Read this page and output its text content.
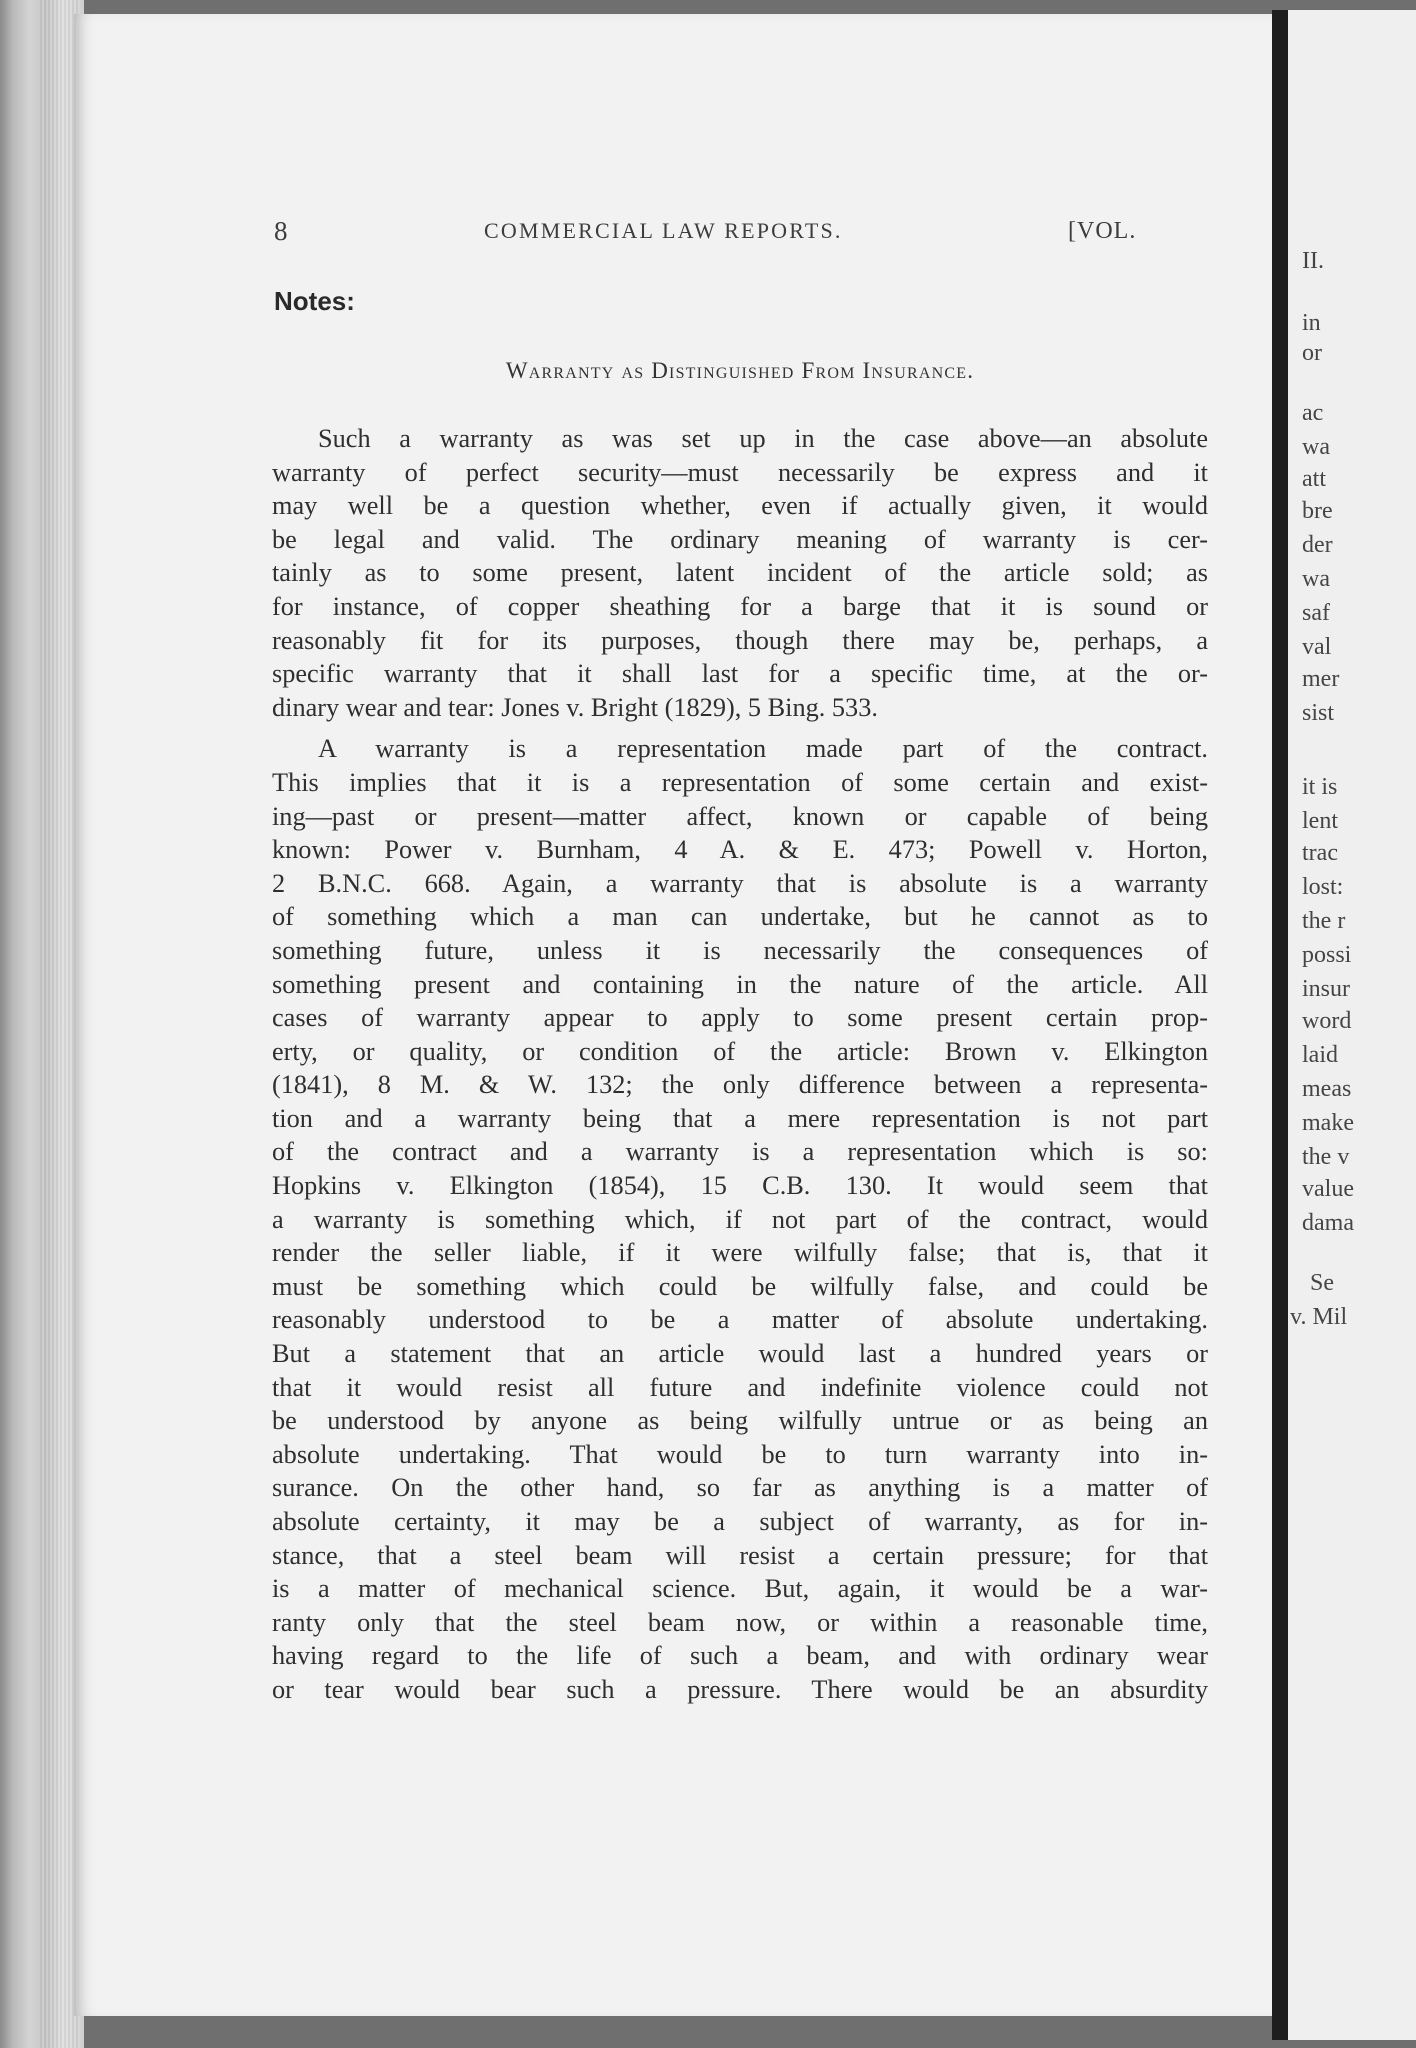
8	COMMERCIAL LAW REPORTS.	[VOL.
Notes:
Warranty as Distinguished From Insurance.
Such a warranty as was set up in the case above—an absolute
warranty of perfect security—must necessarily be express and it
may well be a question whether, even if actually given, it would
be legal and valid. The ordinary meaning of warranty is cer-
tainly as to some present, latent incident of the article sold; as
for instance, of copper sheathing for a barge that it is sound or
reasonably fit for its purposes, though there may be, perhaps, a
specific warranty that it shall last for a specific time, at the or-
dinary wear and tear: Jones v. Bright (1829), 5 Bing. 533.
A warranty is a representation made part of the contract.
This implies that it is a representation of some certain and exist-
ing—past or present—matter affect, known or capable of being
known: Power v. Burnham, 4 A. & E. 473; Powell v. Horton,
2 B.N.C. 668. Again, a warranty that is absolute is a warranty
of something which a man can undertake, but he cannot as to
something future, unless it is necessarily the consequences of
something present and containing in the nature of the article. All
cases of warranty appear to apply to some present certain prop-
erty, or quality, or condition of the article: Brown v. Elkington
(1841), 8 M. & W. 132; the only difference between a representa-
tion and a warranty being that a mere representation is not part
of the contract and a warranty is a representation which is so:
Hopkins v. Elkington (1854), 15 C.B. 130. It would seem that
a warranty is something which, if not part of the contract, would
render the seller liable, if it were wilfully false; that is, that it
must be something which could be wilfully false, and could be
reasonably understood to be a matter of absolute undertaking.
But a statement that an article would last a hundred years or
that it would resist all future and indefinite violence could not
be understood by anyone as being wilfully untrue or as being an
absolute undertaking. That would be to turn warranty into in-
surance. On the other hand, so far as anything is a matter of
absolute certainty, it may be a subject of warranty, as for in-
stance, that a steel beam will resist a certain pressure; for that
is a matter of mechanical science. But, again, it would be a war-
ranty only that the steel beam now, or within a reasonable time,
having regard to the life of such a beam, and with ordinary wear
or tear would bear such a pressure. There would be an absurdity
II.
in
or
ac
wa
att
bre
der
wa
saf
val
mer
sist
it is
lent
trac
lost:
the r
possi
insur
word
laid
meas
make
the v
value
dama
Se
v. Mil
